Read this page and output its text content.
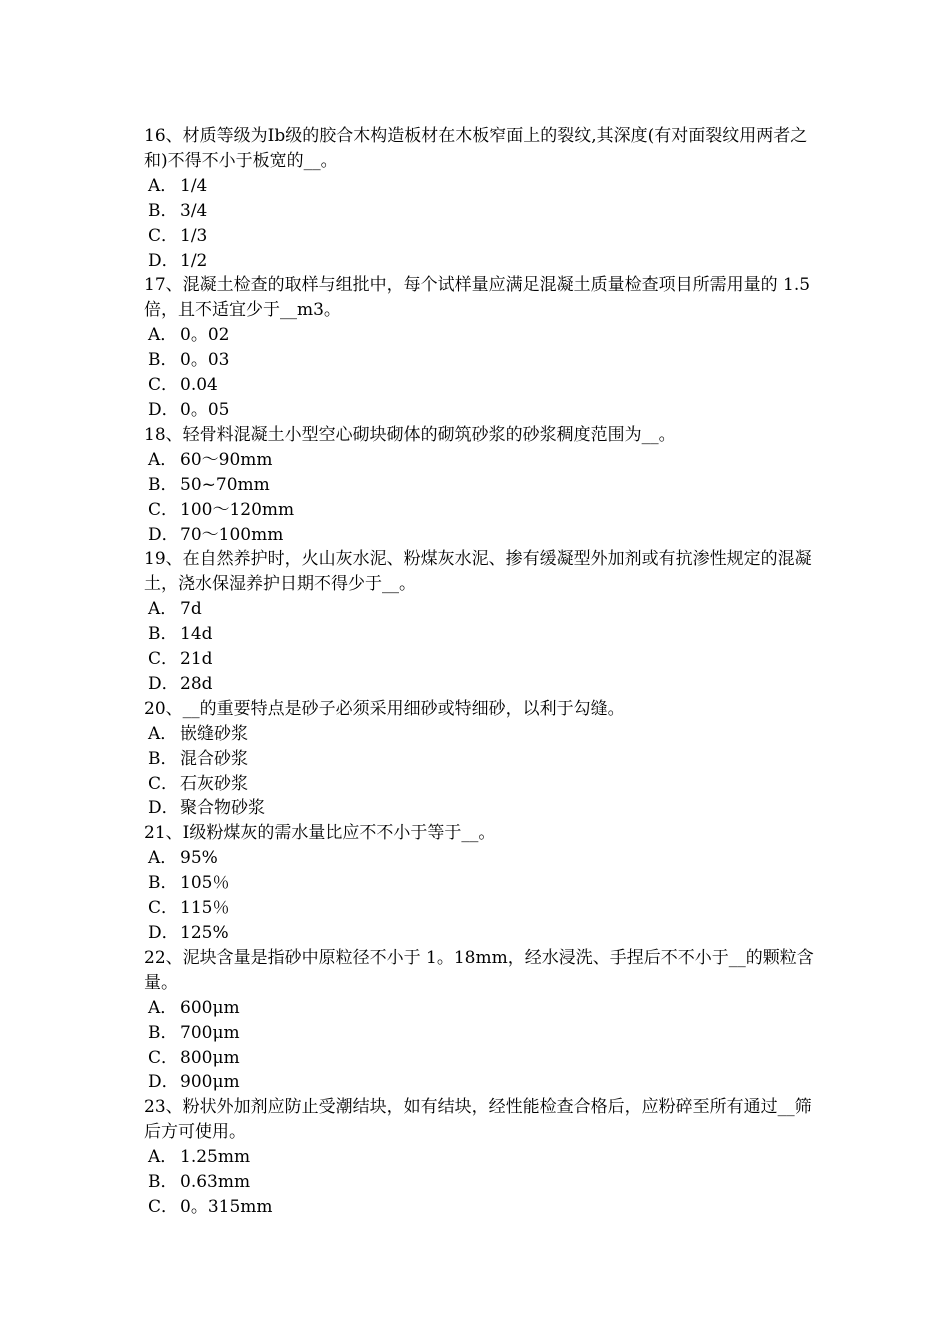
16、材质等级为Ⅰb级的胶合木构造板材在木板窄面上的裂纹,其深度(有对面裂纹用两者之和)不得不小于板宽的__。

A． 1/4
B． 3/4
C． 1/3
D．1/2

17、混凝土检查的取样与组批中，每个试样量应满足混凝土质量检查项目所需用量的 1.5 倍，且不适宜少于__m3。

A． 0。02
B． 0。03
C． 0.04
D．0。05

18、轻骨料混凝土小型空心砌块砌体的砌筑砂浆的砂浆稠度范围为__。

A． 60～90mm
B． 50~70mm
C． 100～120mm
D．70～100mm

19、在自然养护时，火山灰水泥、粉煤灰水泥、掺有缓凝型外加剂或有抗渗性规定的混凝土，浇水保湿养护日期不得少于__。

A． 7d
B． 14d
C． 21d
D．28d

20、__的重要特点是砂子必须采用细砂或特细砂，以利于勾缝。

A． 嵌缝砂浆
B． 混合砂浆
C． 石灰砂浆
D．聚合物砂浆

21、Ⅰ级粉煤灰的需水量比应不不小于等于__。

A． 95%
B． 105％
C． 115％
D．125%

22、泥块含量是指砂中原粒径不小于 1。18mm，经水浸洗、手捏后不不小于__的颗粒含量。

A． 600μm
B． 700μm
C． 800μm
D．900μm

23、粉状外加剂应防止受潮结块，如有结块，经性能检查合格后，应粉碎至所有通过__筛后方可使用。

A． 1.25mm
B． 0.63mm
C． 0。315mm
